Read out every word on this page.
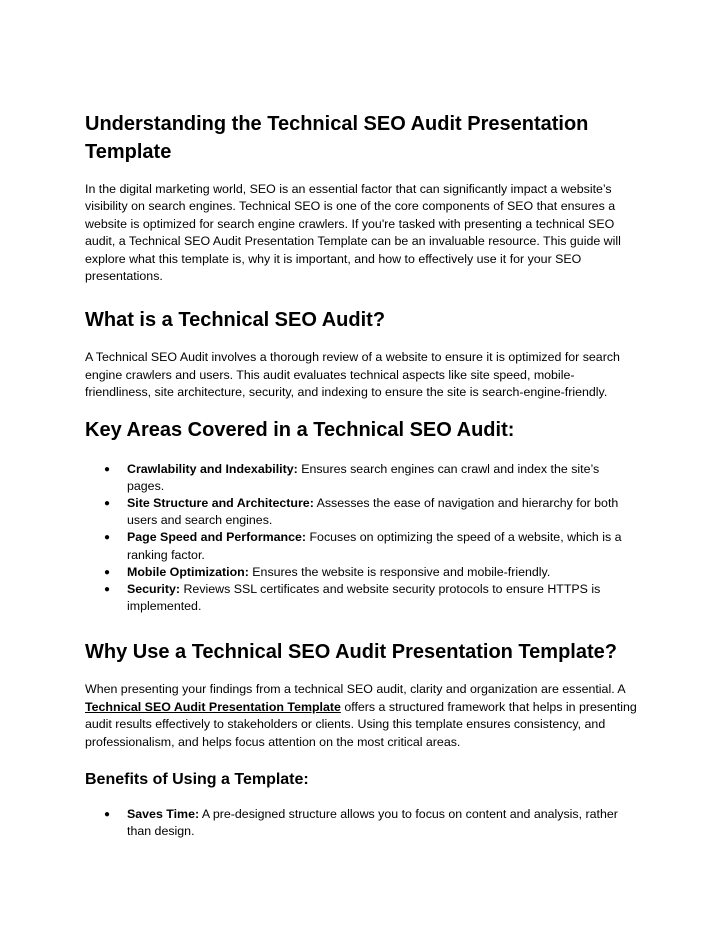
Understanding the Technical SEO Audit Presentation Template

In the digital marketing world, SEO is an essential factor that can significantly impact a website’s visibility on search engines. Technical SEO is one of the core components of SEO that ensures a website is optimized for search engine crawlers. If you're tasked with presenting a technical SEO audit, a Technical SEO Audit Presentation Template can be an invaluable resource. This guide will explore what this template is, why it is important, and how to effectively use it for your SEO presentations.

What is a Technical SEO Audit?

A Technical SEO Audit involves a thorough review of a website to ensure it is optimized for search engine crawlers and users. This audit evaluates technical aspects like site speed, mobile-friendliness, site architecture, security, and indexing to ensure the site is search-engine-friendly.

Key Areas Covered in a Technical SEO Audit:
● Crawlability and Indexability: Ensures search engines can crawl and index the site’s pages.
● Site Structure and Architecture: Assesses the ease of navigation and hierarchy for both users and search engines.
● Page Speed and Performance: Focuses on optimizing the speed of a website, which is a ranking factor.
● Mobile Optimization: Ensures the website is responsive and mobile-friendly.
● Security: Reviews SSL certificates and website security protocols to ensure HTTPS is implemented.
Why Use a Technical SEO Audit Presentation Template?

When presenting your findings from a technical SEO audit, clarity and organization are essential. A Technical SEO Audit Presentation Template offers a structured framework that helps in presenting audit results effectively to stakeholders or clients. Using this template ensures consistency, and professionalism, and helps focus attention on the most critical areas.

Benefits of Using a Template:
● Saves Time: A pre-designed structure allows you to focus on content and analysis, rather than design.
